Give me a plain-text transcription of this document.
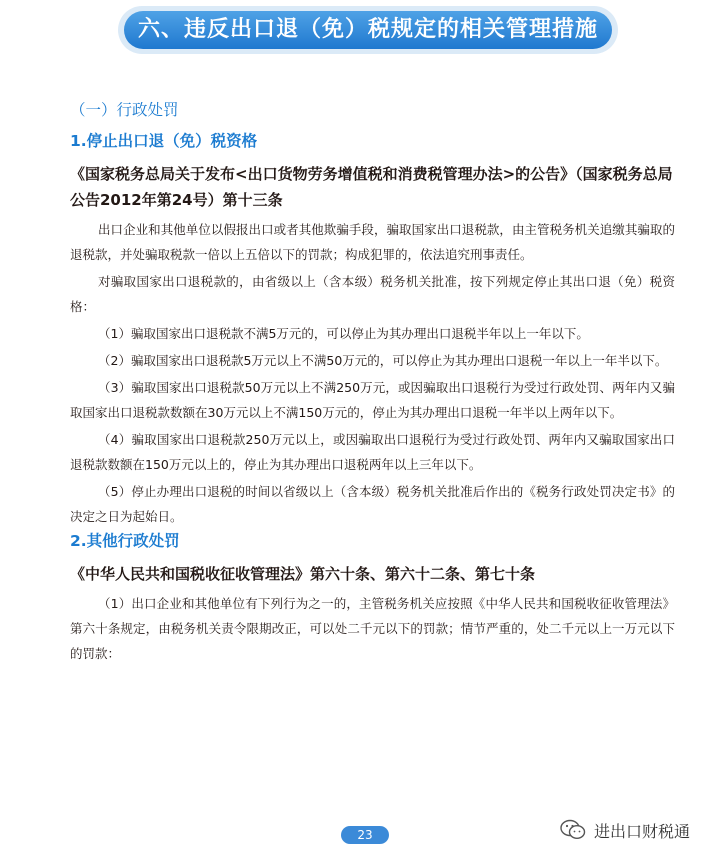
六、违反出口退（免）税规定的相关管理措施
（一）行政处罚
1.停止出口退（免）税资格
《国家税务总局关于发布<出口货物劳务增值税和消费税管理办法>的公告》（国家税务总局公告2012年第24号）第十三条
出口企业和其他单位以假报出口或者其他欺骗手段，骗取国家出口退税款，由主管税务机关追缴其骗取的退税款，并处骗取税款一倍以上五倍以下的罚款；构成犯罪的，依法追究刑事责任。
对骗取国家出口退税款的，由省级以上（含本级）税务机关批准，按下列规定停止其出口退（免）税资格：
（1）骗取国家出口退税款不满5万元的，可以停止为其办理出口退税半年以上一年以下。
（2）骗取国家出口退税款5万元以上不满50万元的，可以停止为其办理出口退税一年以上一年半以下。
（3）骗取国家出口退税款50万元以上不满250万元，或因骗取出口退税行为受过行政处罚、两年内又骗取国家出口退税款数额在30万元以上不满150万元的，停止为其办理出口退税一年半以上两年以下。
（4）骗取国家出口退税款250万元以上，或因骗取出口退税行为受过行政处罚、两年内又骗取国家出口退税款数额在150万元以上的，停止为其办理出口退税两年以上三年以下。
（5）停止办理出口退税的时间以省级以上（含本级）税务机关批准后作出的《税务行政处罚决定书》的决定之日为起始日。
2.其他行政处罚
《中华人民共和国税收征收管理法》第六十条、第六十二条、第七十条
（1）出口企业和其他单位有下列行为之一的，主管税务机关应按照《中华人民共和国税收征收管理法》第六十条规定，由税务机关责令限期改正，可以处二千元以下的罚款；情节严重的，处二千元以上一万元以下的罚款：
23	进出口财税通
